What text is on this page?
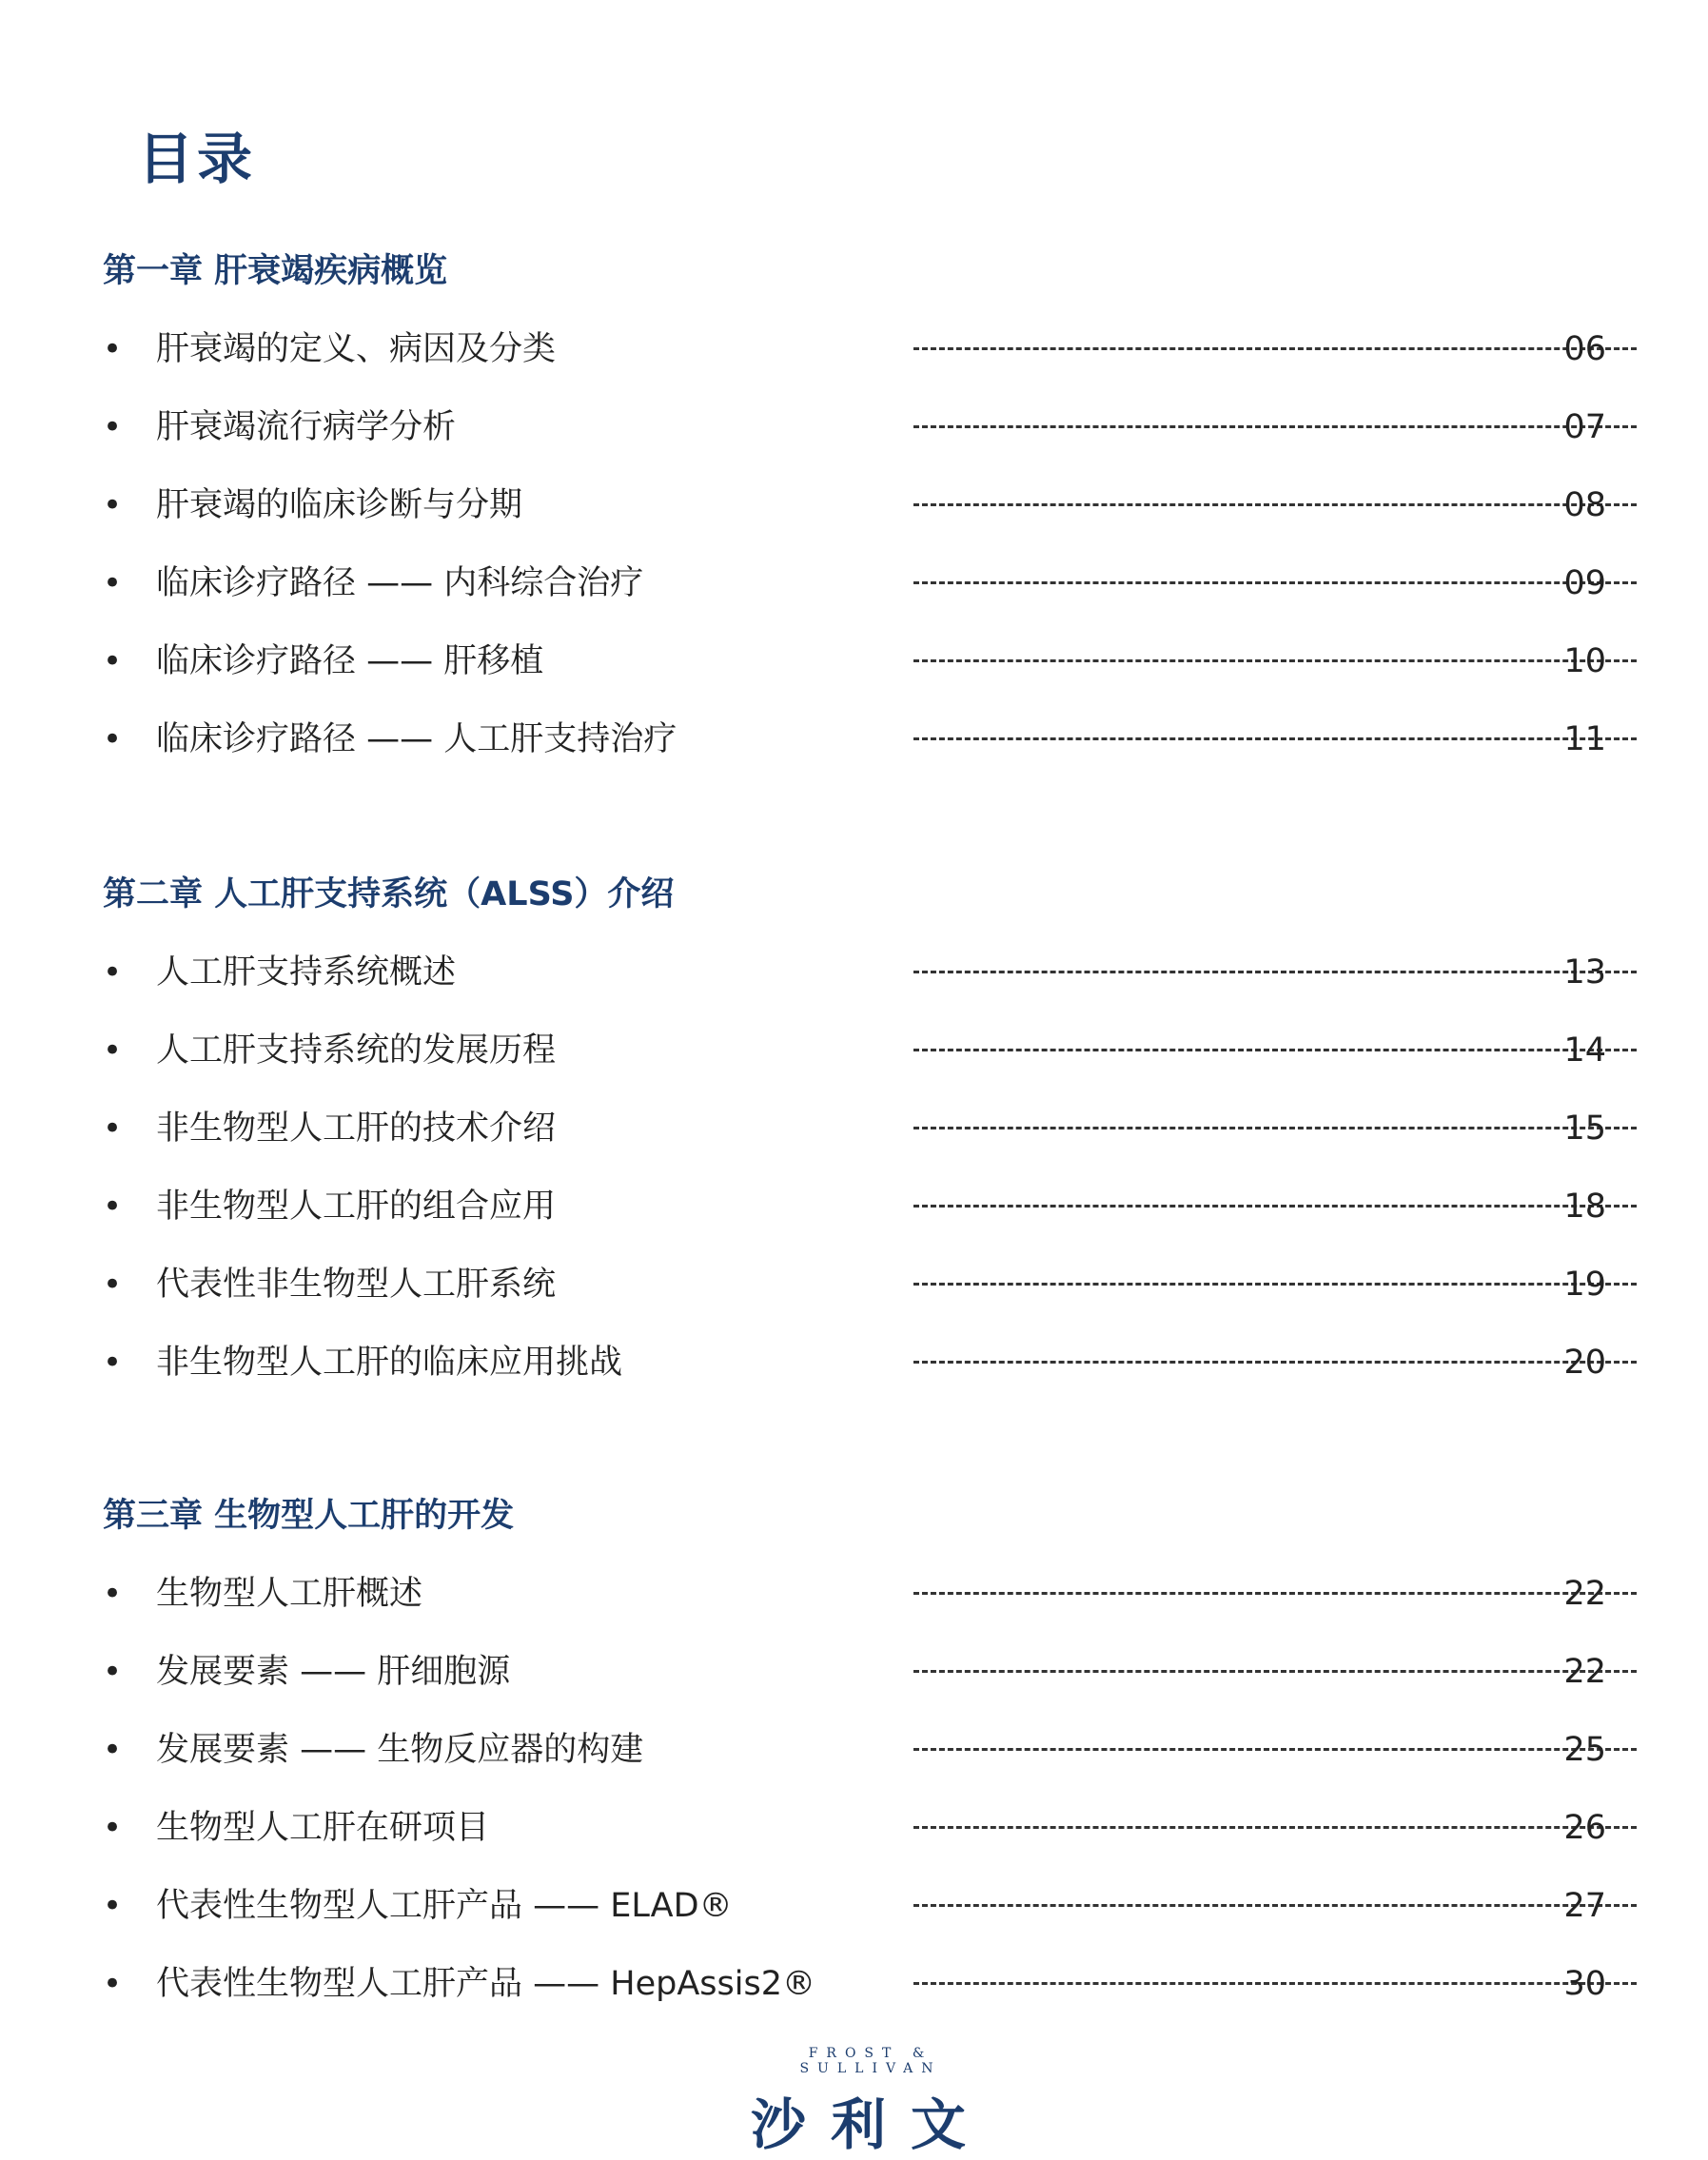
目录
第一章 肝衰竭疾病概览
• 肝衰竭的定义、病因及分类	06
• 肝衰竭流行病学分析	07
• 肝衰竭的临床诊断与分期	08
• 临床诊疗路径 —— 内科综合治疗	09
• 临床诊疗路径 —— 肝移植	10
• 临床诊疗路径 —— 人工肝支持治疗	11
第二章 人工肝支持系统（ALSS）介绍
• 人工肝支持系统概述	13
• 人工肝支持系统的发展历程	14
• 非生物型人工肝的技术介绍	15
• 非生物型人工肝的组合应用	18
• 代表性非生物型人工肝系统	19
• 非生物型人工肝的临床应用挑战	20
第三章 生物型人工肝的开发
• 生物型人工肝概述	22
• 发展要素 —— 肝细胞源	22
• 发展要素 —— 生物反应器的构建	25
• 生物型人工肝在研项目	26
• 代表性生物型人工肝产品 —— ELAD®	27
• 代表性生物型人工肝产品 —— HepAssis2®	30
FROST & SULLIVAN
沙利文
